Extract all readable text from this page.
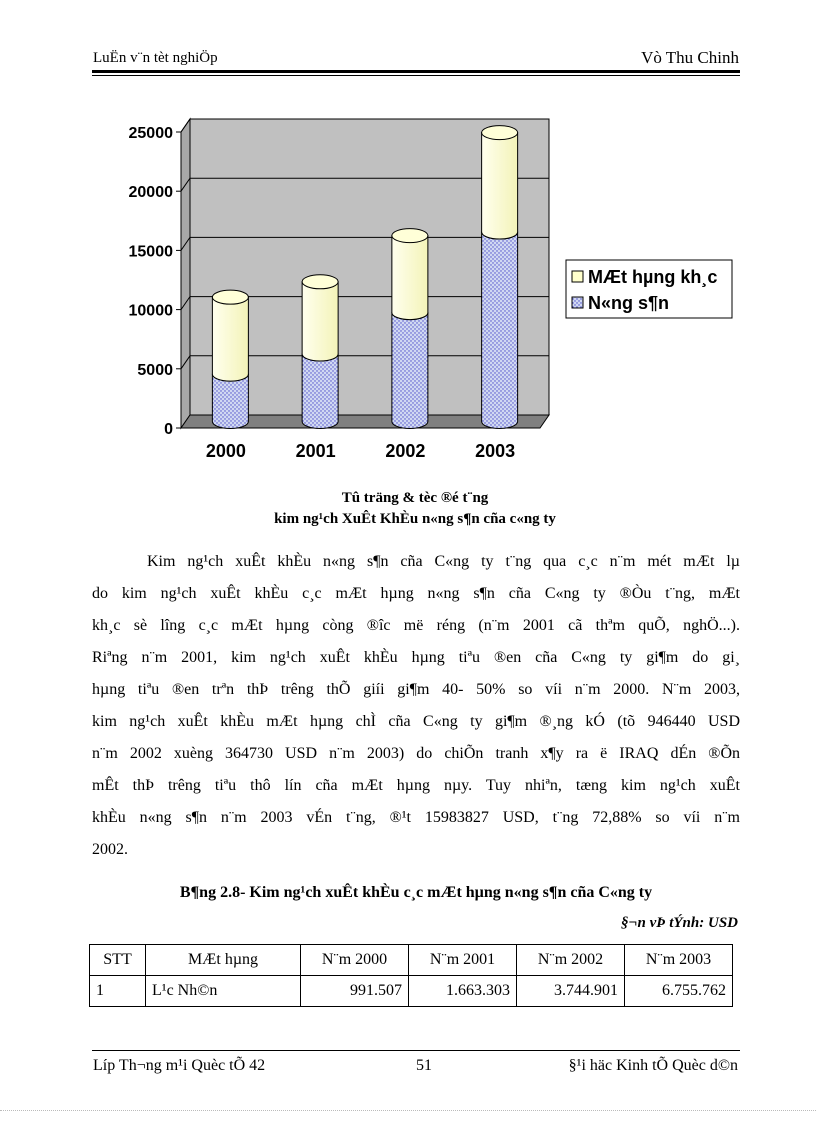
LuËn v¨n tèt nghiÖp	Vò Thu Chinh
2000	2001	2002	2003
0
5000
10000
15000
20000
25000
MÆt hµng kh¸c
N«ng s¶n
Tû träng & tèc ®é t¨ng
kim ng¹ch XuÊt KhÈu n«ng s¶n cña c«ng ty
Kim ng¹ch xuÊt khÈu n«ng s¶n cña C«ng ty t¨ng qua c¸c n¨m mét mÆt lµ
do kim ng¹ch xuÊt khÈu c¸c mÆt hµng n«ng s¶n cña C«ng ty ®Òu t¨ng, mÆt
kh¸c sè lîng c¸c mÆt hµng còng ®îc më réng (n¨m 2001 cã thªm quÕ, nghÖ...).
Riªng n¨m 2001, kim ng¹ch xuÊt khÈu hµng tiªu ®en cña C«ng ty gi¶m do gi¸
hµng tiªu ®en trªn thÞ trêng thÕ giíi gi¶m 40- 50% so víi n¨m 2000. N¨m 2003,
kim ng¹ch xuÊt khÈu mÆt hµng chÌ cña C«ng ty gi¶m ®¸ng kÓ (tõ 946440 USD
n¨m 2002 xuèng 364730 USD n¨m 2003) do chiÕn tranh x¶y ra ë IRAQ dÉn ®Õn
mÊt thÞ trêng tiªu thô lín cña mÆt hµng nµy. Tuy nhiªn, tæng kim ng¹ch xuÊt
khÈu n«ng s¶n n¨m 2003 vÉn t¨ng, ®¹t 15983827 USD, t¨ng 72,88% so víi n¨m
2002.
B¶ng 2.8- Kim ng¹ch xuÊt khÈu c¸c mÆt hµng n«ng s¶n cña C«ng ty
§¬n vÞ tÝnh: USD
STT	MÆt hµng	N¨m 2000	N¨m 2001	N¨m 2002	N¨m 2003
1	L¹c Nh©n	991.507	1.663.303	3.744.901	6.755.762
Líp Th¬ng m¹i Quèc tÕ 42	51	§¹i häc Kinh tÕ Quèc d©n
